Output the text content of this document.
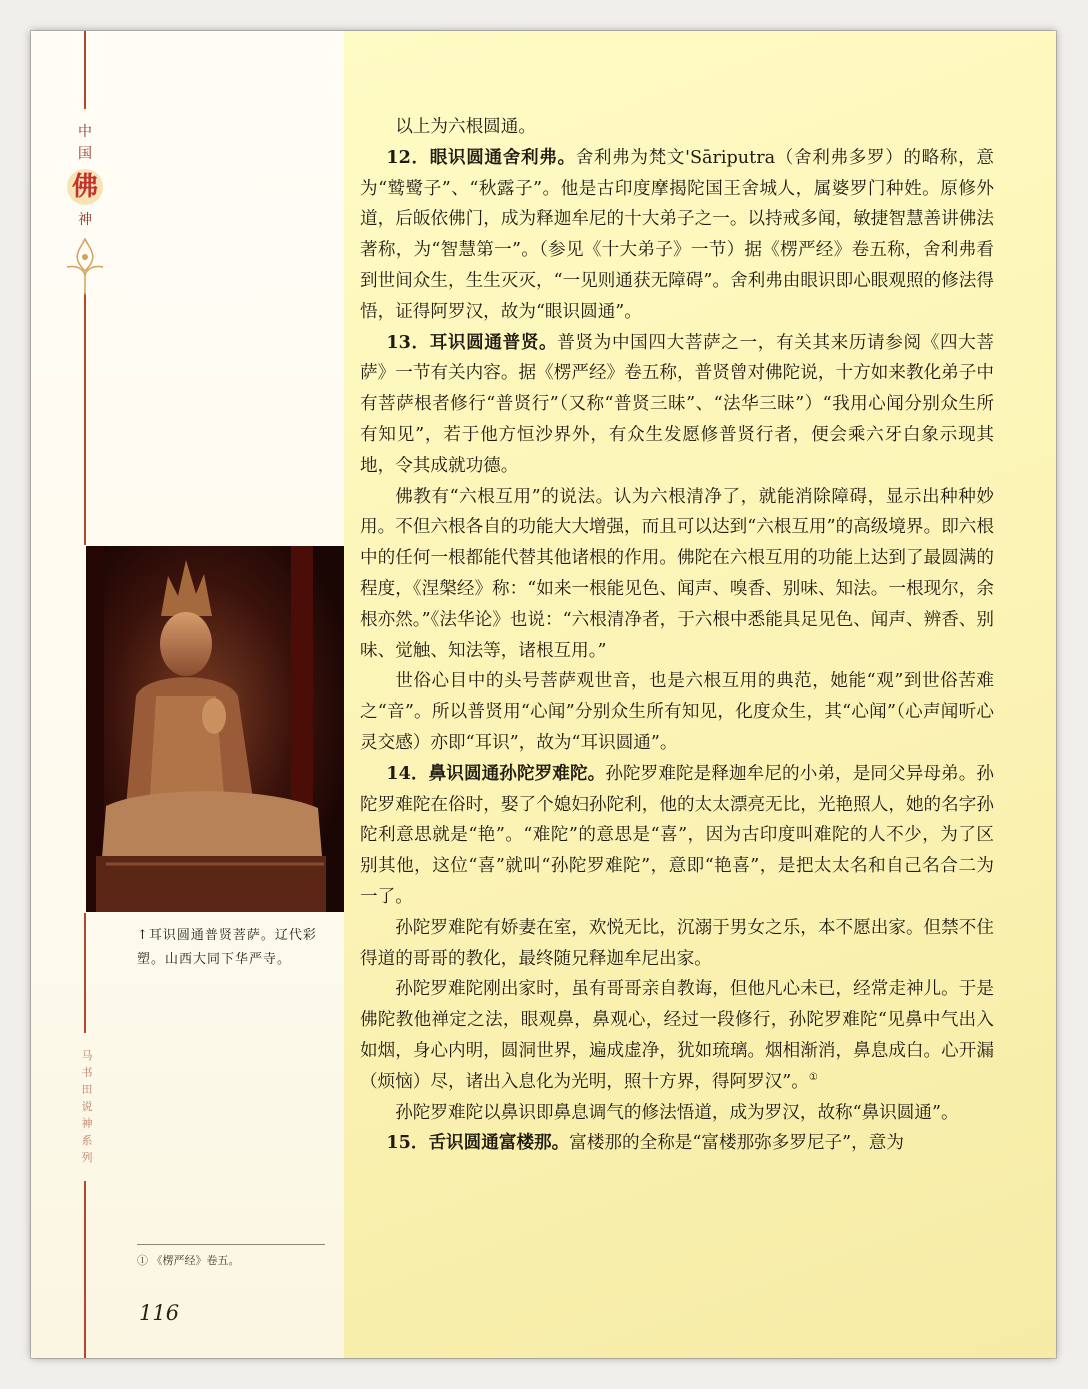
中
国
佛
神
↑耳识圆通普贤菩萨。辽代彩塑。山西大同下华严寺。
马书田说神系列
① 《楞严经》卷五。
116

以上为六根圆通。

12．眼识圆通舍利弗。舍利弗为梵文'Sāriputra（舍利弗多罗）的略称，意为“鹫鹭子”、“秋露子”。他是古印度摩揭陀国王舍城人，属婆罗门种姓。原修外道，后皈依佛门，成为释迦牟尼的十大弟子之一。以持戒多闻，敏捷智慧善讲佛法著称，为“智慧第一”。（参见《十大弟子》一节）据《楞严经》卷五称，舍利弗看到世间众生，生生灭灭，“一见则通获无障碍”。舍利弗由眼识即心眼观照的修法得悟，证得阿罗汉，故为“眼识圆通”。

13．耳识圆通普贤。普贤为中国四大菩萨之一，有关其来历请参阅《四大菩萨》一节有关内容。据《楞严经》卷五称，普贤曾对佛陀说，十方如来教化弟子中有菩萨根者修行“普贤行”（又称“普贤三昧”、“法华三昧”）“我用心闻分别众生所有知见”，若于他方恒沙界外，有众生发愿修普贤行者，便会乘六牙白象示现其地，令其成就功德。

佛教有“六根互用”的说法。认为六根清净了，就能消除障碍，显示出种种妙用。不但六根各自的功能大大增强，而且可以达到“六根互用”的高级境界。即六根中的任何一根都能代替其他诸根的作用。佛陀在六根互用的功能上达到了最圆满的程度，《涅槃经》称：“如来一根能见色、闻声、嗅香、别味、知法。一根现尔，余根亦然。”《法华论》也说：“六根清净者，于六根中悉能具足见色、闻声、辨香、别味、觉触、知法等，诸根互用。”

世俗心目中的头号菩萨观世音，也是六根互用的典范，她能“观”到世俗苦难之“音”。所以普贤用“心闻”分别众生所有知见，化度众生，其“心闻”（心声闻听心灵交感）亦即“耳识”，故为“耳识圆通”。

14．鼻识圆通孙陀罗难陀。孙陀罗难陀是释迦牟尼的小弟，是同父异母弟。孙陀罗难陀在俗时，娶了个媳妇孙陀利，他的太太漂亮无比，光艳照人，她的名字孙陀利意思就是“艳”。“难陀”的意思是“喜”，因为古印度叫难陀的人不少，为了区别其他，这位“喜”就叫“孙陀罗难陀”，意即“艳喜”，是把太太名和自己名合二为一了。

孙陀罗难陀有娇妻在室，欢悦无比，沉溺于男女之乐，本不愿出家。但禁不住得道的哥哥的教化，最终随兄释迦牟尼出家。

孙陀罗难陀刚出家时，虽有哥哥亲自教诲，但他凡心未已，经常走神儿。于是佛陀教他禅定之法，眼观鼻，鼻观心，经过一段修行，孙陀罗难陀“见鼻中气出入如烟，身心内明，圆洞世界，遍成虚净，犹如琉璃。烟相渐消，鼻息成白。心开漏（烦恼）尽，诸出入息化为光明，照十方界，得阿罗汉”。①

孙陀罗难陀以鼻识即鼻息调气的修法悟道，成为罗汉，故称“鼻识圆通”。

15．舌识圆通富楼那。富楼那的全称是“富楼那弥多罗尼子”，意为
